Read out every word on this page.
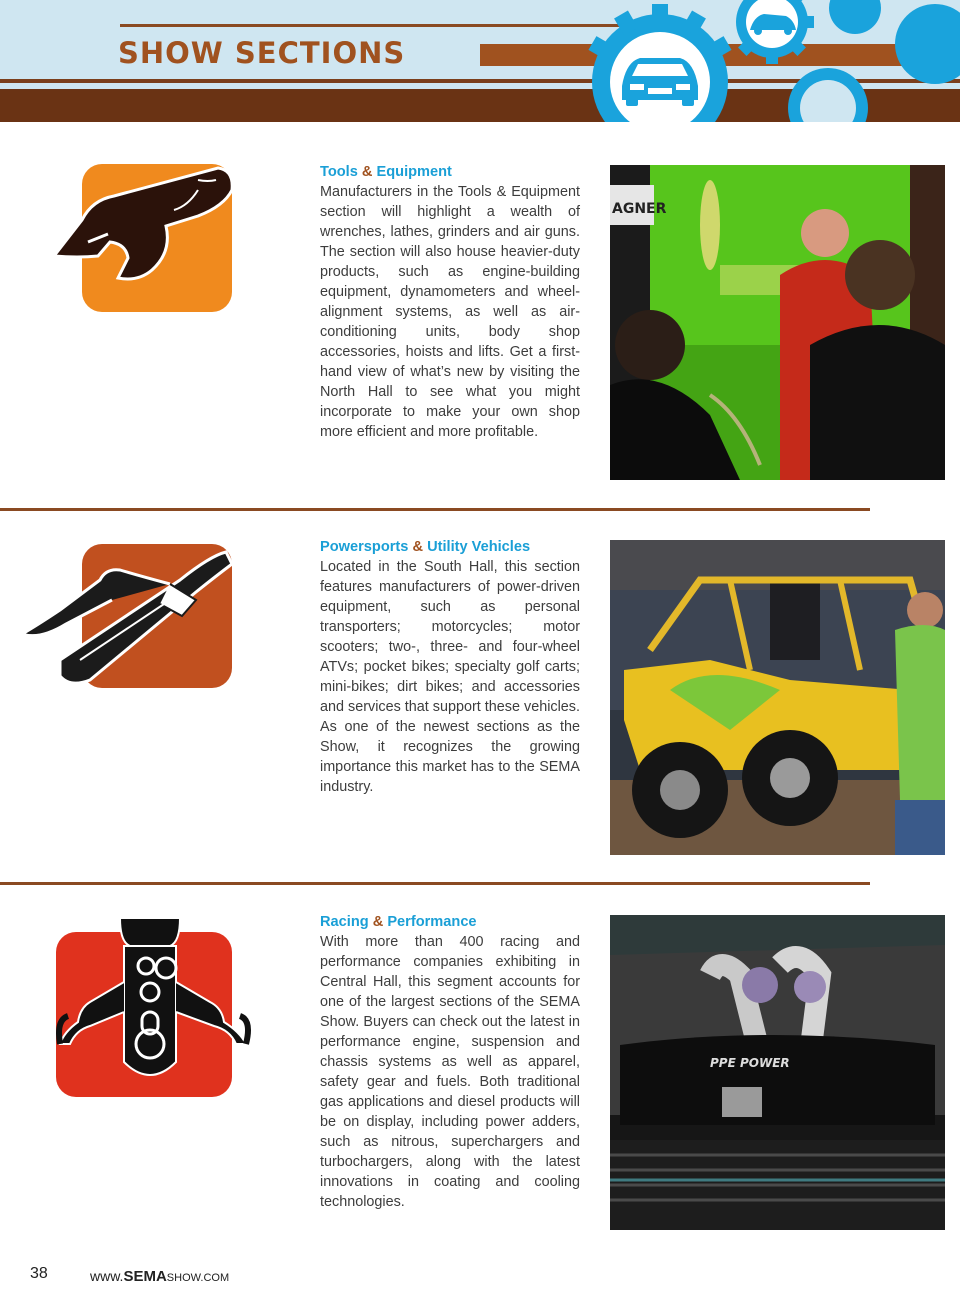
SHOW SECTIONS
Tools & Equipment
Manufacturers in the Tools & Equipment section will highlight a wealth of wrenches, lathes, grinders and air guns. The section will also house heavier-duty products, such as engine-building equipment, dynamometers and wheel-alignment systems, as well as air-conditioning units, body shop accessories, hoists and lifts. Get a first-hand view of what’s new by visiting the North Hall to see what you might incorporate to make your own shop more efficient and more profitable.
AGNER
Powersports & Utility Vehicles
Located in the South Hall, this section features manufacturers of power-driven equipment, such as personal transporters; motorcycles; motor scooters; two-, three- and four-wheel ATVs; pocket bikes; specialty golf carts; mini-bikes; dirt bikes; and accessories and services that support these vehicles. As one of the newest sections as the Show, it recognizes the growing importance this market has to the SEMA industry.
Racing & Performance
With more than 400 racing and performance companies exhibiting in Central Hall, this segment accounts for one of the largest sections of the SEMA Show. Buyers can check out the latest in performance engine, suspension and chassis systems as well as apparel, safety gear and fuels. Both traditional gas applications and diesel products will be on display, including power adders, such as nitrous, superchargers and turbochargers, along with the latest innovations in coating and cooling technologies.
PPE POWER
38	www.SEMASHOW.COM
